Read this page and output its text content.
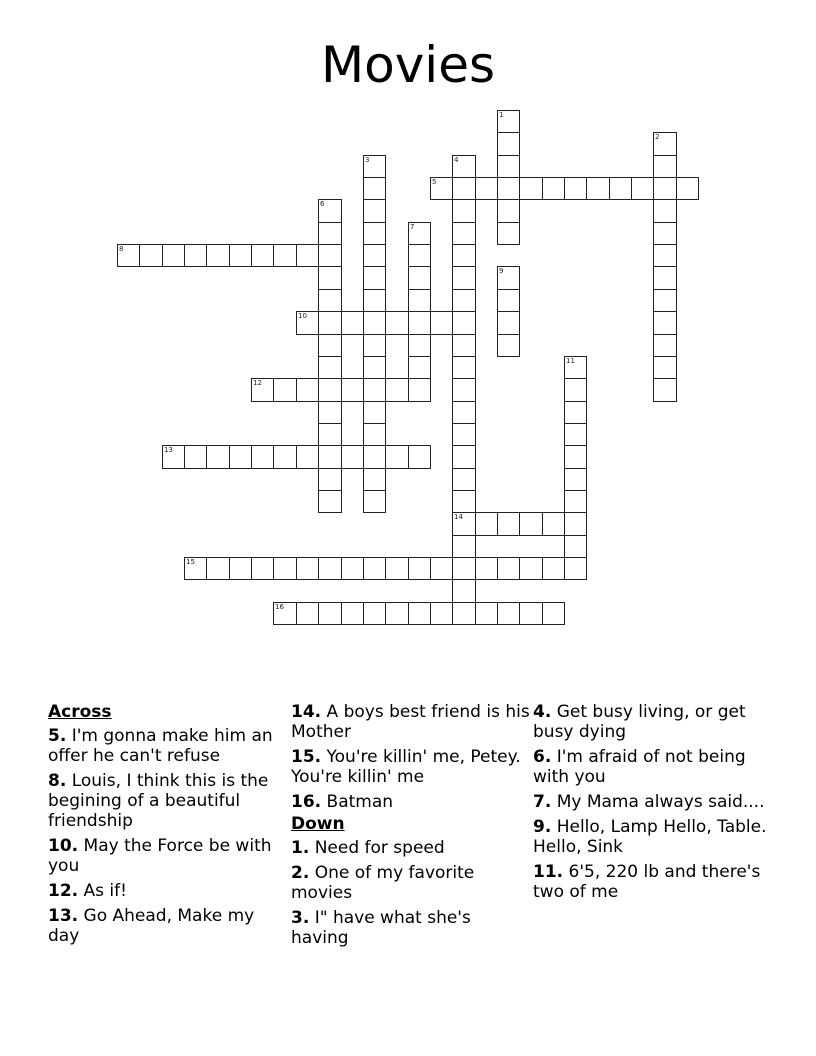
Movies
1
2
3	4
14
5
6
7
8
9
10
11
12
13
15
16
Across
5. I'm gonna make him an offer he can't refuse
8. Louis, I think this is the begining of a beautiful friendship
10. May the Force be with you
12. As if!
13. Go Ahead, Make my day
14. A boys best friend is his Mother
15. You're killin' me, Petey. You're killin' me
16. Batman
Down
1. Need for speed
2. One of my favorite movies
3. I" have what she's having
4. Get busy living, or get busy dying
6. I'm afraid of not being with you
7. My Mama always said....
9. Hello, Lamp Hello, Table. Hello, Sink
11. 6'5, 220 lb and there's two of me
